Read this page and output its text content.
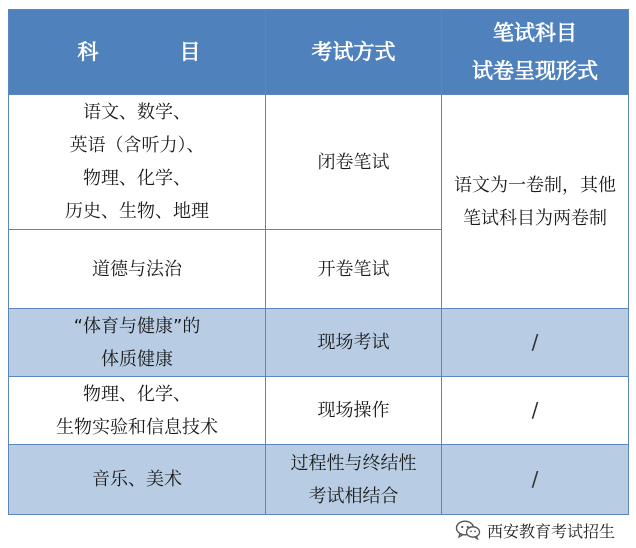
科　目	考试方式	笔试科目
试卷呈现形式

语文、数学、
英语（含听力）、
物理、化学、
历史、生物、地理	闭卷笔试	语文为一卷制，其他
笔试科目为两卷制

道德与法治	开卷笔试	

“体育与健康”的
体质健康	现场考试	/

物理、化学、
生物实验和信息技术	现场操作	/

音乐、美术	过程性与终结性
考试相结合	/
西安教育考试招生
